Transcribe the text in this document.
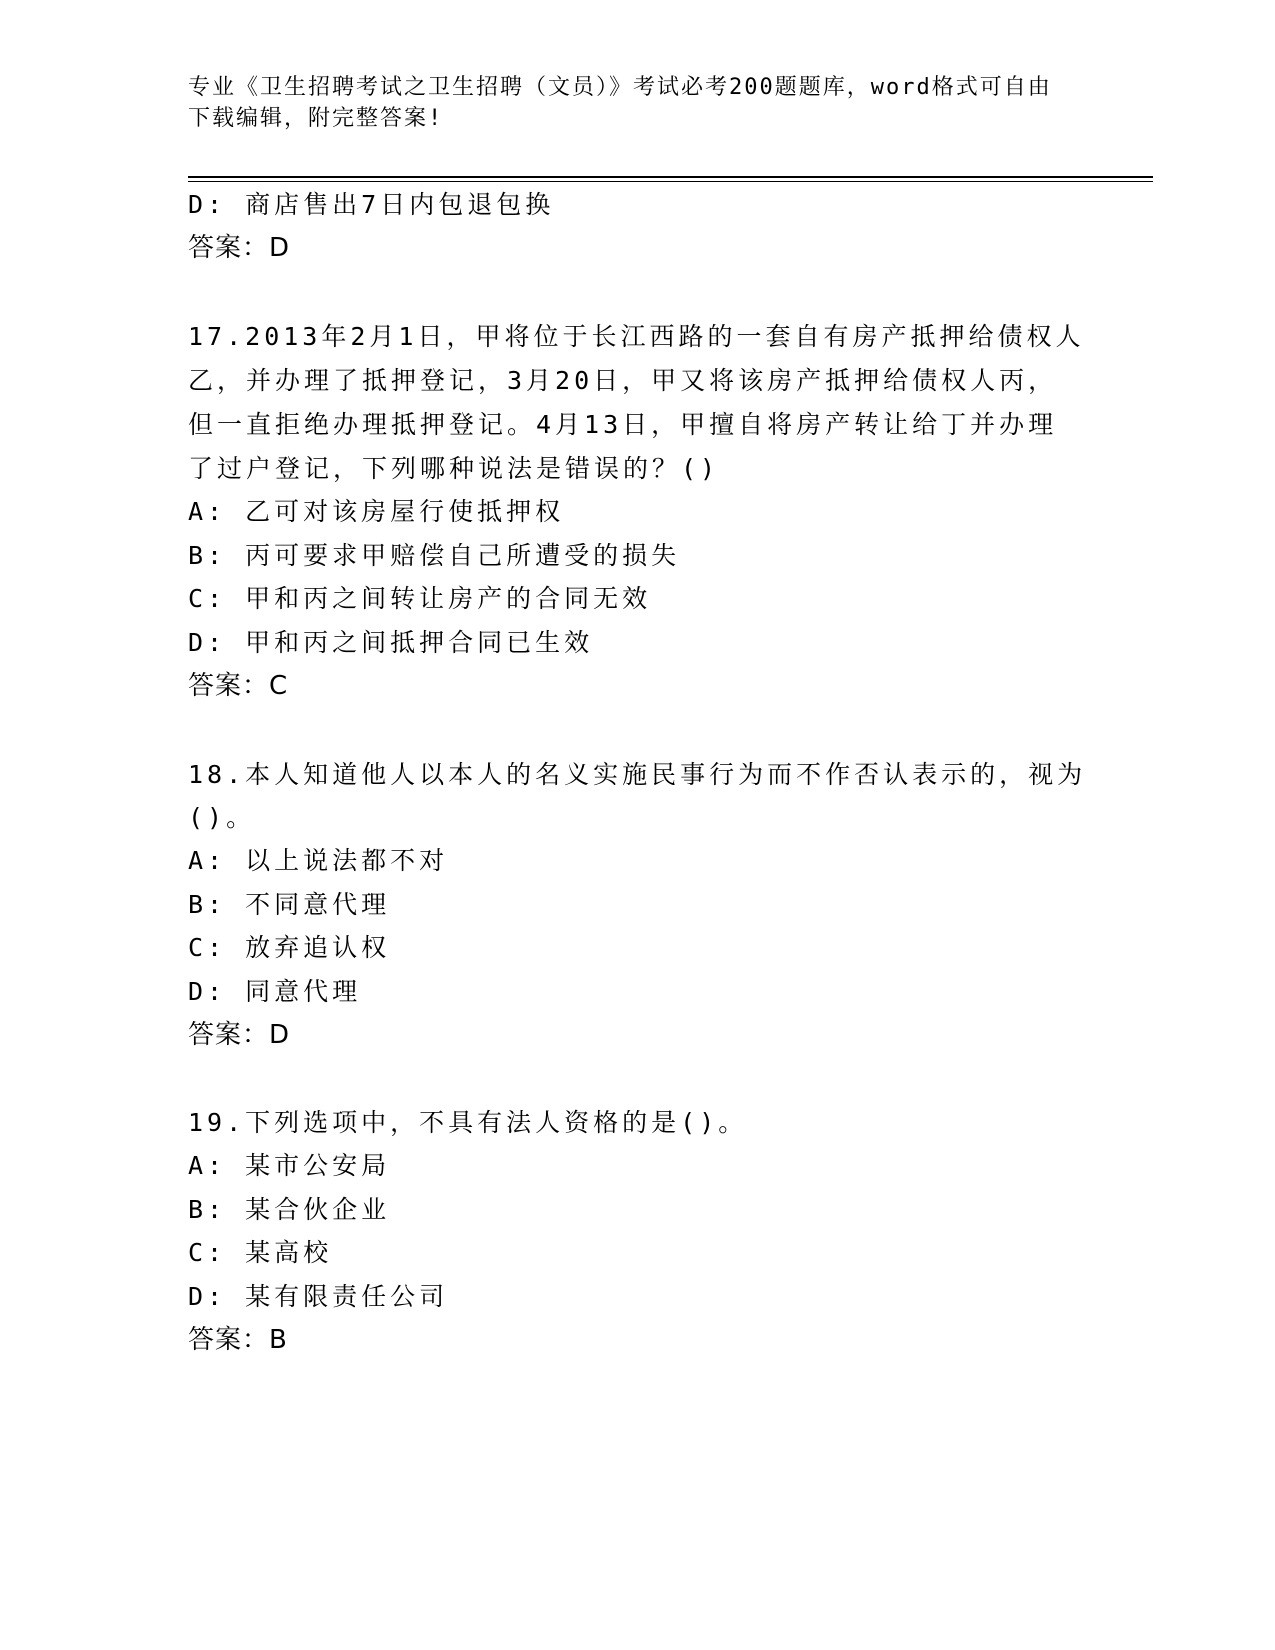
专业《卫生招聘考试之卫生招聘（文员）》考试必考200题题库，word格式可自由下载编辑，附完整答案!
D: 商店售出7日内包退包换
答案：D
17.2013年2月1日，甲将位于长江西路的一套自有房产抵押给债权人
乙，并办理了抵押登记，3月20日，甲又将该房产抵押给债权人丙，
但一直拒绝办理抵押登记。4月13日，甲擅自将房产转让给丁并办理
了过户登记，下列哪种说法是错误的？()
A: 乙可对该房屋行使抵押权
B: 丙可要求甲赔偿自己所遭受的损失
C: 甲和丙之间转让房产的合同无效
D: 甲和丙之间抵押合同已生效
答案：C
18.本人知道他人以本人的名义实施民事行为而不作否认表示的，视为
()。
A: 以上说法都不对
B: 不同意代理
C: 放弃追认权
D: 同意代理
答案：D
19.下列选项中，不具有法人资格的是()。
A: 某市公安局
B: 某合伙企业
C: 某高校
D: 某有限责任公司
答案：B
